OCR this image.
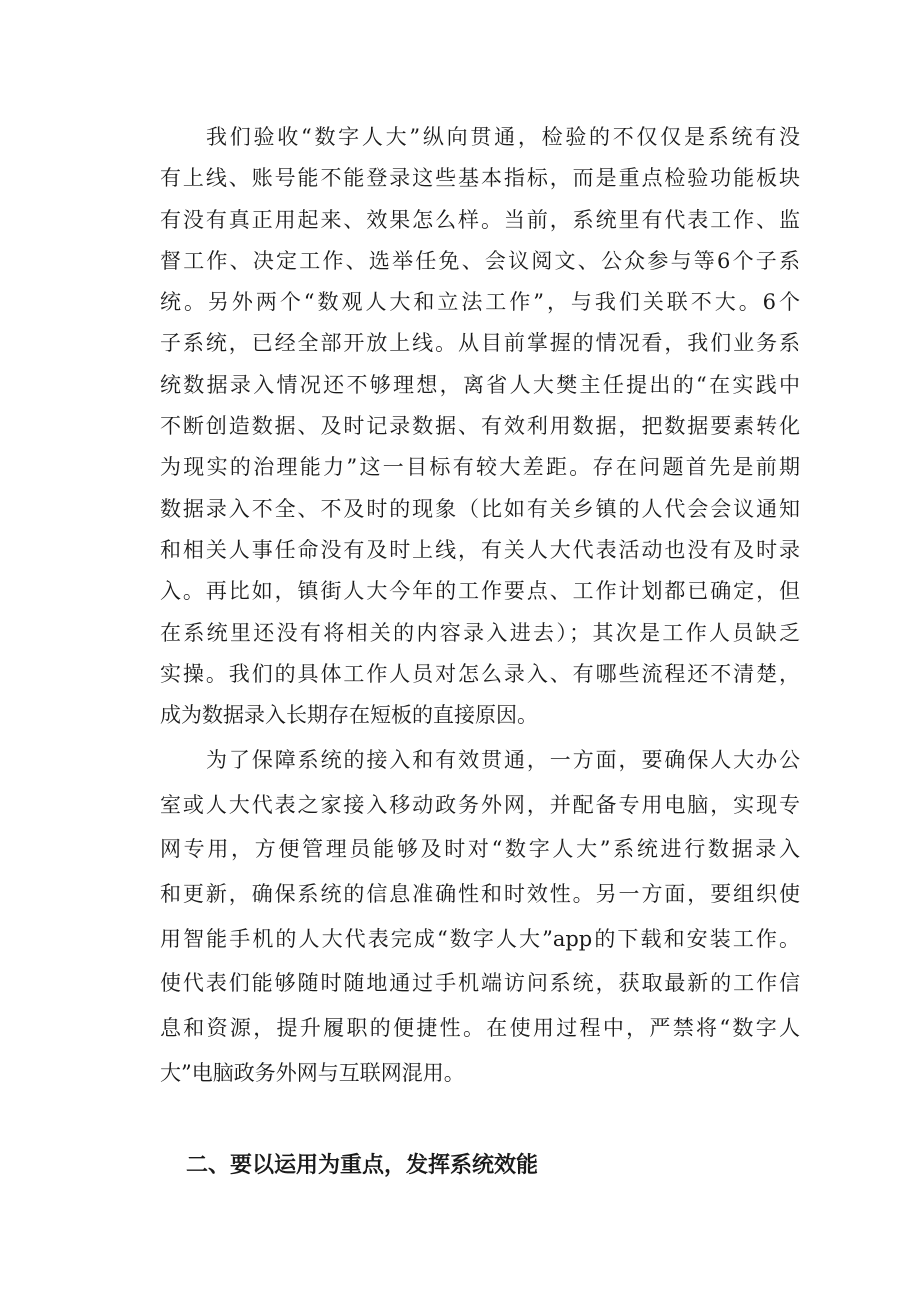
我们验收“数字人大”纵向贯通，检验的不仅仅是系统有没
有上线、账号能不能登录这些基本指标，而是重点检验功能板块
有没有真正用起来、效果怎么样。当前，系统里有代表工作、监
督工作、决定工作、选举任免、会议阅文、公众参与等6个子系
统。另外两个“数观人大和立法工作”，与我们关联不大。6个
子系统，已经全部开放上线。从目前掌握的情况看，我们业务系
统数据录入情况还不够理想，离省人大樊主任提出的“在实践中
不断创造数据、及时记录数据、有效利用数据，把数据要素转化
为现实的治理能力”这一目标有较大差距。存在问题首先是前期
数据录入不全、不及时的现象（比如有关乡镇的人代会会议通知
和相关人事任命没有及时上线，有关人大代表活动也没有及时录
入。再比如，镇街人大今年的工作要点、工作计划都已确定，但
在系统里还没有将相关的内容录入进去）；其次是工作人员缺乏
实操。我们的具体工作人员对怎么录入、有哪些流程还不清楚，
成为数据录入长期存在短板的直接原因。
为了保障系统的接入和有效贯通，一方面，要确保人大办公
室或人大代表之家接入移动政务外网，并配备专用电脑，实现专
网专用，方便管理员能够及时对“数字人大”系统进行数据录入
和更新，确保系统的信息准确性和时效性。另一方面，要组织使
用智能手机的人大代表完成“数字人大”app的下载和安装工作。
使代表们能够随时随地通过手机端访问系统，获取最新的工作信
息和资源，提升履职的便捷性。在使用过程中，严禁将“数字人
大”电脑政务外网与互联网混用。
二、要以运用为重点，发挥系统效能
